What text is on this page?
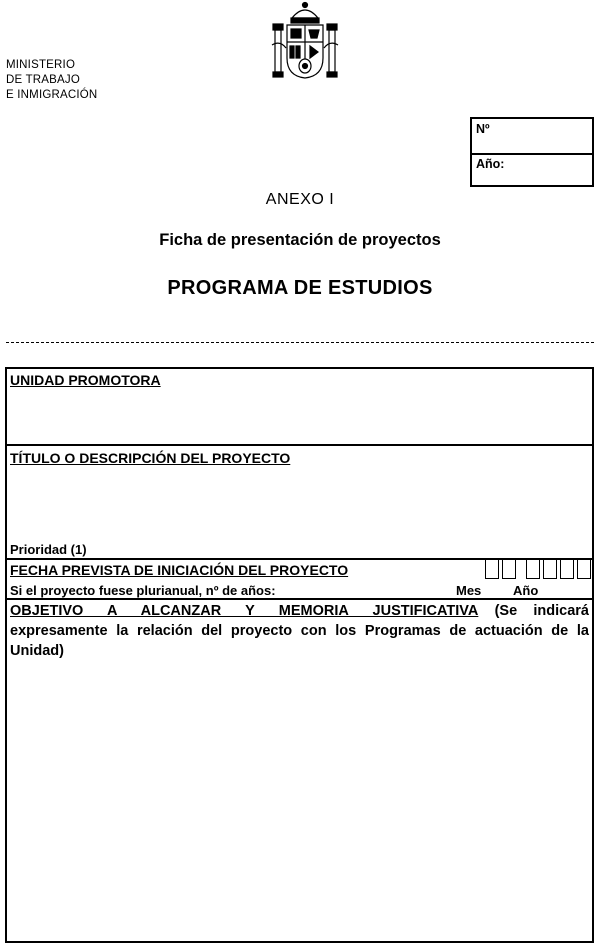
MINISTERIO
DE TRABAJO
E INMIGRACIÓN
Nº
Año:
ANEXO I
Ficha de presentación de proyectos
PROGRAMA DE ESTUDIOS
UNIDAD PROMOTORA
TÍTULO O DESCRIPCIÓN DEL PROYECTO
Prioridad (1)
FECHA PREVISTA DE INICIACIÓN DEL PROYECTO
Si el proyecto fuese plurianual, nº de años:	Mes Año
OBJETIVO A ALCANZAR Y MEMORIA JUSTIFICATIVA (Se indicará expresamente la relación del proyecto con los Programas de actuación de la Unidad)
